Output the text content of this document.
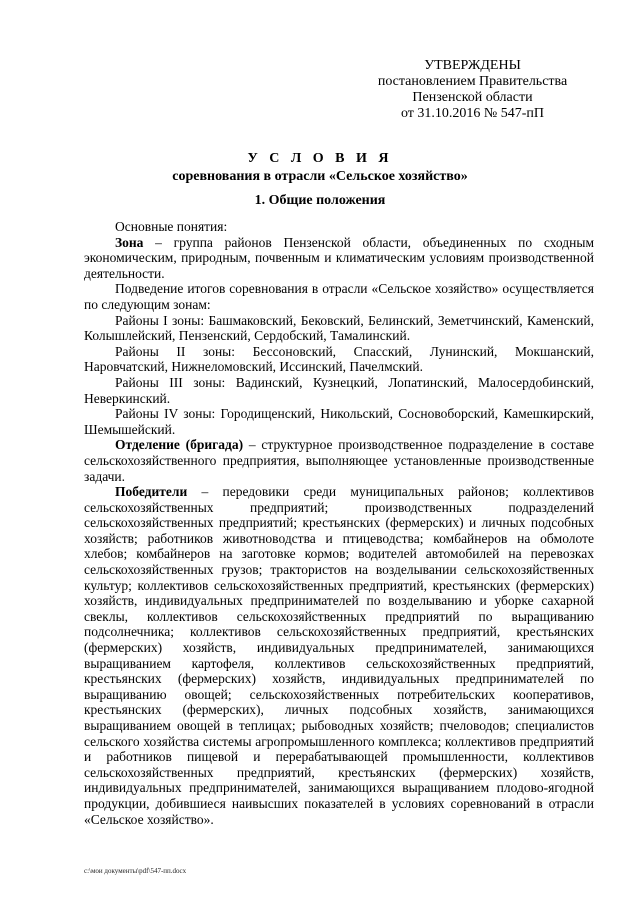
УТВЕРЖДЕНЫ
постановлением Правительства
Пензенской области
от 31.10.2016 № 547-пП
У С Л О В И Я
соревнования в отрасли «Сельское хозяйство»
1. Общие положения

Основные понятия:

Зона – группа районов Пензенской области, объединенных по сходным экономическим, природным, почвенным и климатическим условиям производственной деятельности.

Подведение итогов соревнования в отрасли «Сельское хозяйство» осуществляется по следующим зонам:

Районы I зоны: Башмаковский, Бековский, Белинский, Земетчинский, Каменский, Колышлейский, Пензенский, Сердобский, Тамалинский.

Районы II зоны: Бессоновский, Спасский, Лунинский, Мокшанский, Наровчатский, Нижнеломовский, Иссинский, Пачелмский.

Районы III зоны: Вадинский, Кузнецкий, Лопатинский, Малосердобинский, Неверкинский.

Районы IV зоны: Городищенский, Никольский, Сосновоборский, Камешкирский, Шемышейский.

Отделение (бригада) – структурное производственное подразделение в составе сельскохозяйственного предприятия, выполняющее установленные производственные задачи.

Победители – передовики среди муниципальных районов; коллективов сельскохозяйственных предприятий; производственных подразделений сельскохозяйственных предприятий; крестьянских (фермерских) и личных подсобных хозяйств; работников животноводства и птицеводства; комбайнеров на обмолоте хлебов; комбайнеров на заготовке кормов; водителей автомобилей на перевозках сельскохозяйственных грузов; трактористов на возделывании сельскохозяйственных культур; коллективов сельскохозяйственных предприятий, крестьянских (фермерских) хозяйств, индивидуальных предпринимателей по возделыванию и уборке сахарной свеклы, коллективов сельскохозяйственных предприятий по выращиванию подсолнечника; коллективов сельскохозяйственных предприятий, крестьянских (фермерских) хозяйств, индивидуальных предпринимателей, занимающихся выращиванием картофеля, коллективов сельскохозяйственных предприятий, крестьянских (фермерских) хозяйств, индивидуальных предпринимателей по выращиванию овощей; сельскохозяйственных потребительских кооперативов, крестьянских (фермерских), личных подсобных хозяйств, занимающихся выращиванием овощей в теплицах; рыбоводных хозяйств; пчеловодов; специалистов сельского хозяйства системы агропромышленного комплекса; коллективов предприятий и работников пищевой и перерабатывающей промышленности, коллективов сельскохозяйственных предприятий, крестьянских (фермерских) хозяйств, индивидуальных предпринимателей, занимающихся выращиванием плодово-ягодной продукции, добившиеся наивысших показателей в условиях соревнований в отрасли «Сельское хозяйство».

c:\мои документы\pdf\547-пп.docx
